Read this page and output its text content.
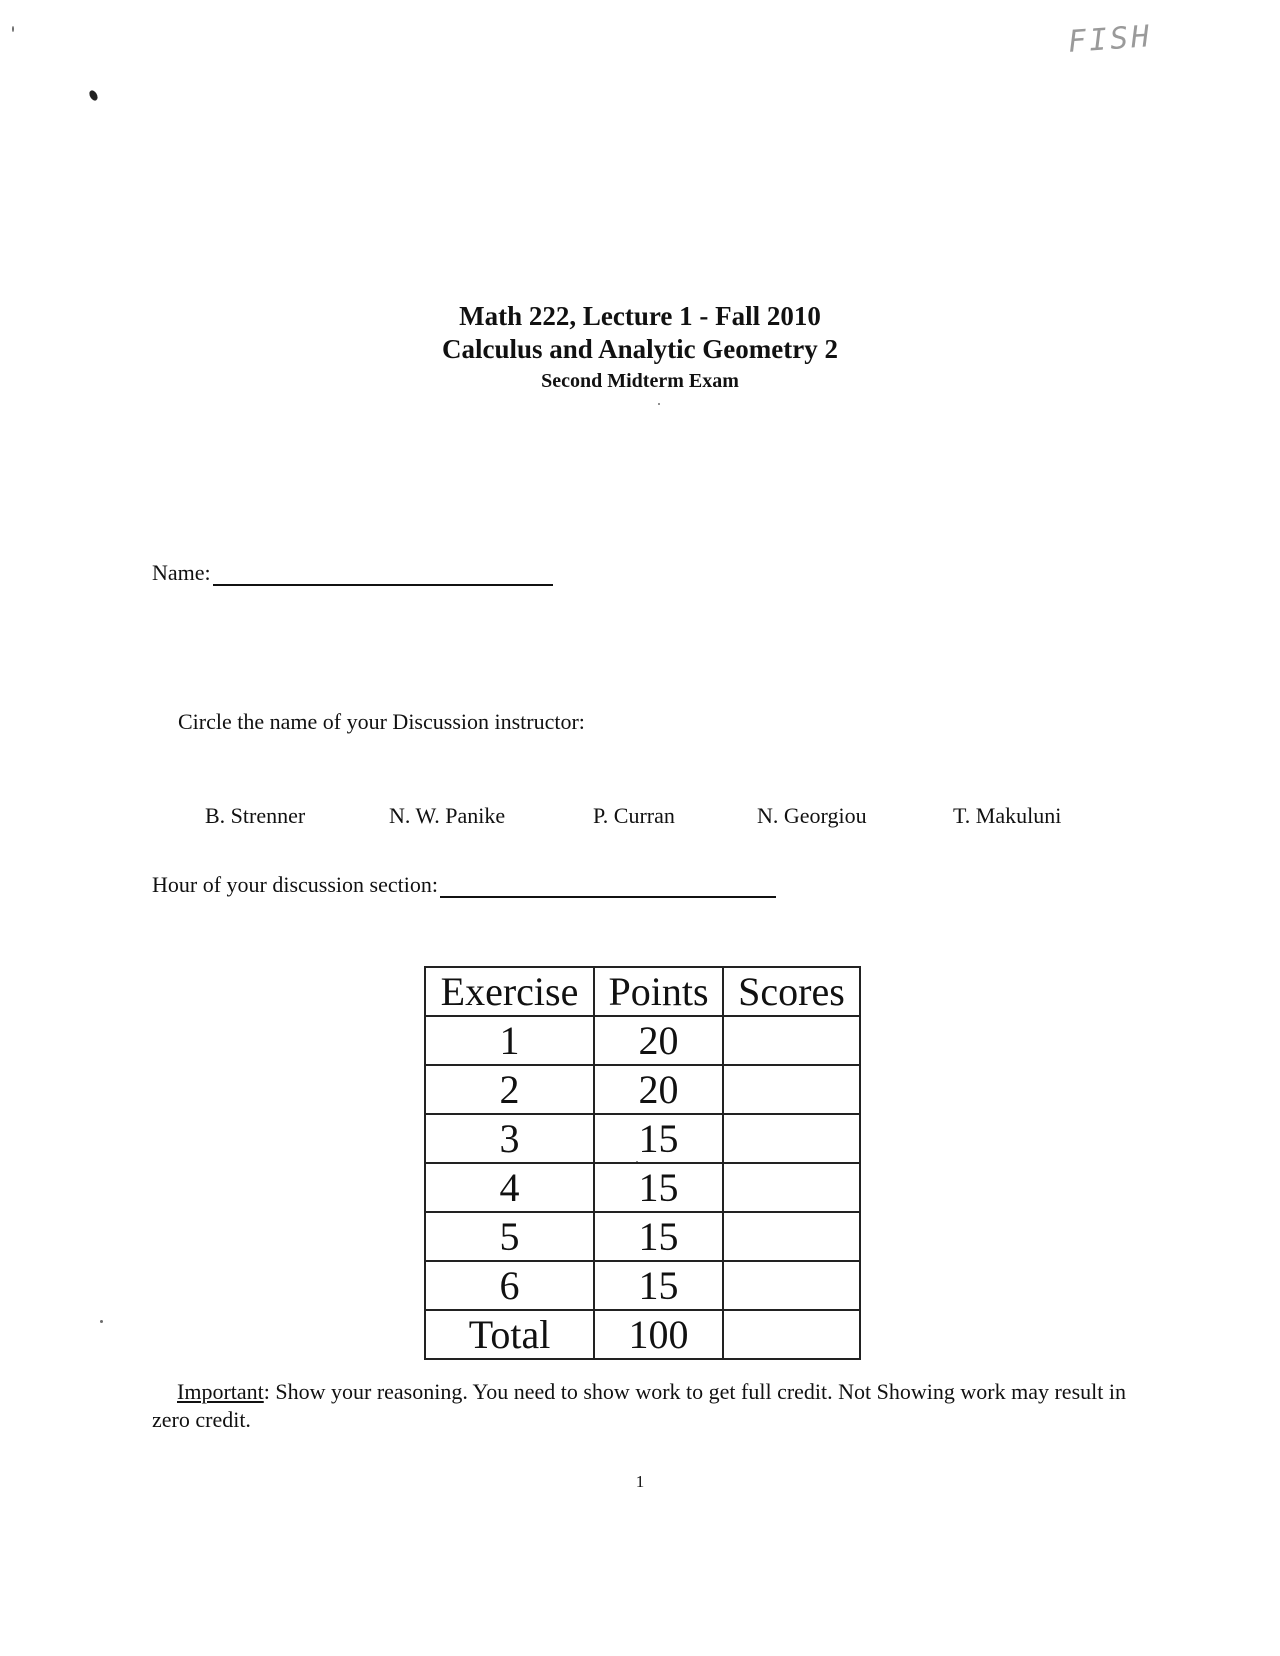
FISH
Math 222, Lecture 1 - Fall 2010
Calculus and Analytic Geometry 2
Second Midterm Exam
Name:
Circle the name of your Discussion instructor:
B. Strenner	N. W. Panike	P. Curran	N. Georgiou	T. Makuluni
Hour of your discussion section:
Exercise	Points	Scores
1	20	
2	20	
3	15	
4	15	
5	15	
6	15	
Total	100	
Important: Show your reasoning. You need to show work to get full credit. Not Showing work may result in zero credit.
1
